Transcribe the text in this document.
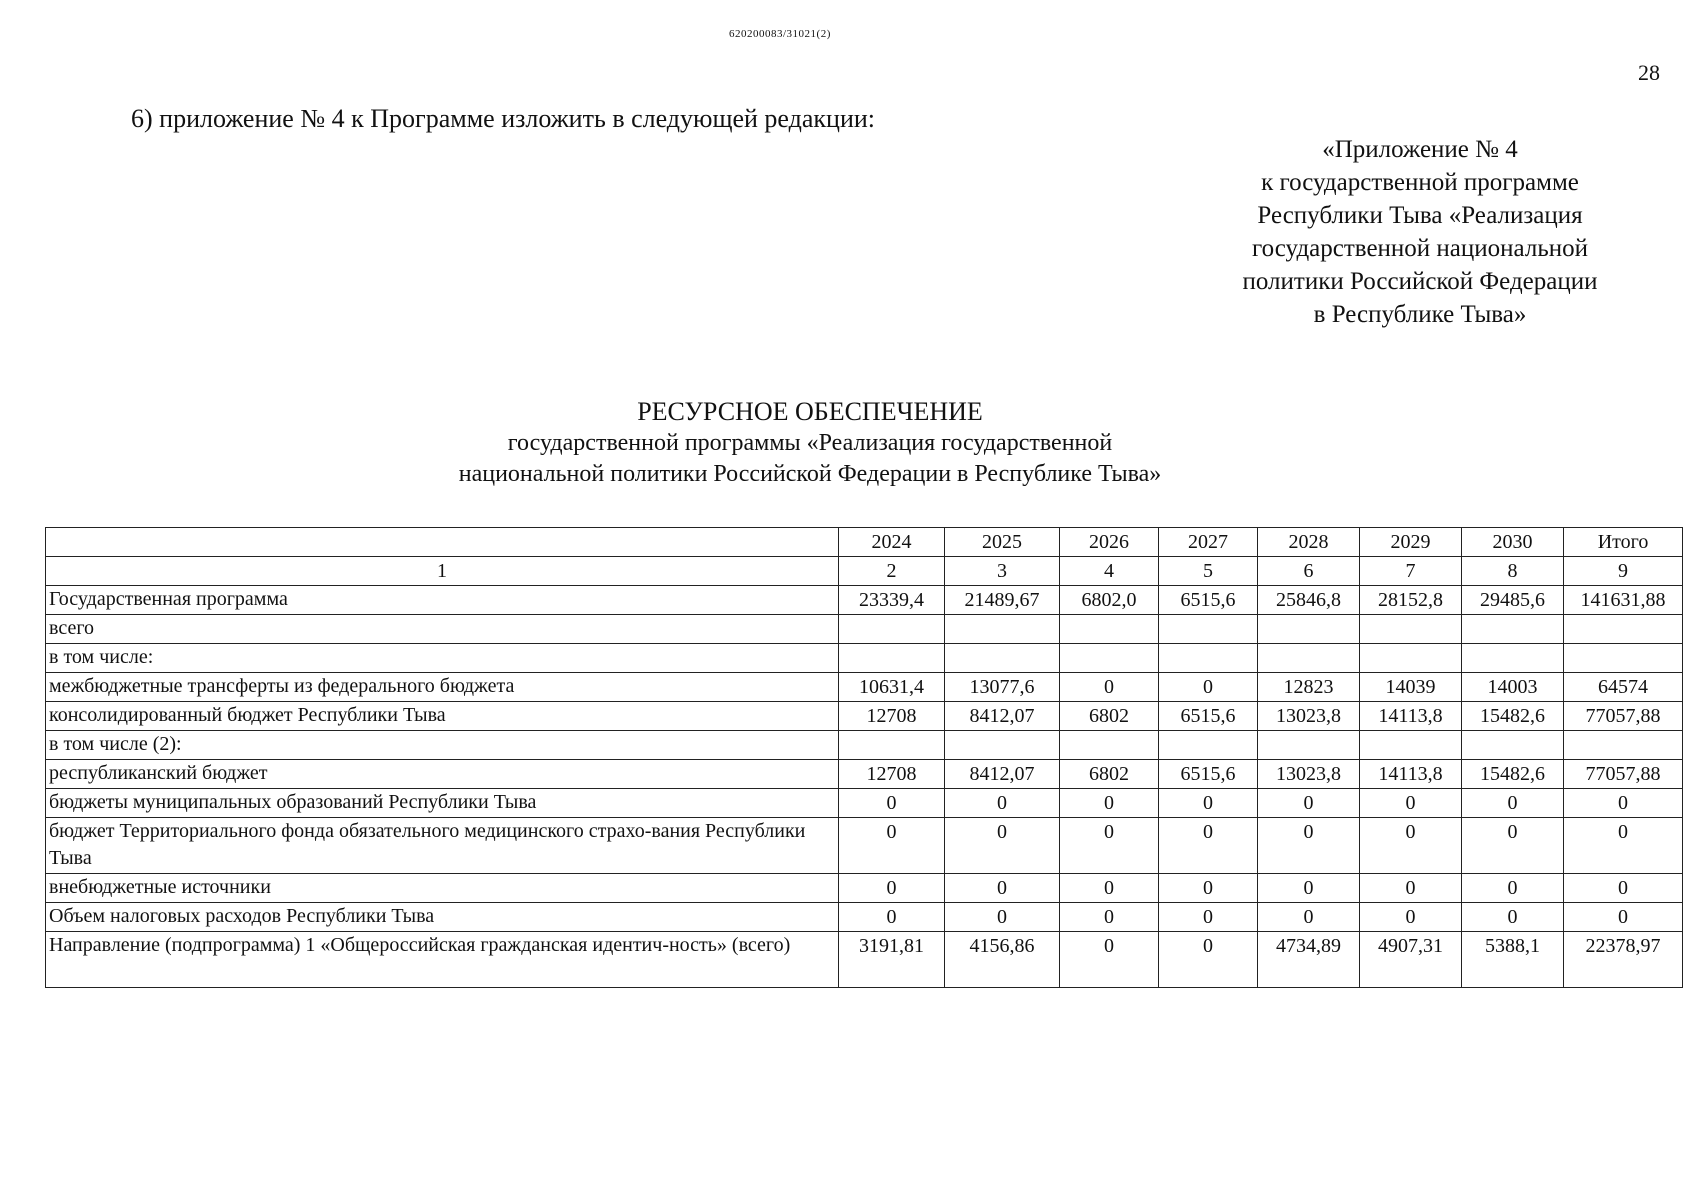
620200083/31021(2)
28
6) приложение № 4 к Программе изложить в следующей редакции:
«Приложение № 4
к государственной программе
Республики Тыва «Реализация
государственной национальной
политики Российской Федерации
в Республике Тыва»
РЕСУРСНОЕ ОБЕСПЕЧЕНИЕ
государственной программы «Реализация государственной
национальной политики Российской Федерации в Республике Тыва»
	2024	2025	2026	2027	2028	2029	2030	Итого
1	2	3	4	5	6	7	8	9
Государственная программа	23339,4	21489,67	6802,0	6515,6	25846,8	28152,8	29485,6	141631,88
всего								
в том числе:								
межбюджетные трансферты из федерального бюджета	10631,4	13077,6	0	0	12823	14039	14003	64574
консолидированный бюджет Республики Тыва	12708	8412,07	6802	6515,6	13023,8	14113,8	15482,6	77057,88
в том числе (2):								
республиканский бюджет	12708	8412,07	6802	6515,6	13023,8	14113,8	15482,6	77057,88
бюджеты муниципальных образований Республики Тыва	0	0	0	0	0	0	0	0
бюджет Территориального фонда обязательного медицинского страхо-вания Республики Тыва	0	0	0	0	0	0	0	0
внебюджетные источники	0	0	0	0	0	0	0	0
Объем налоговых расходов Республики Тыва	0	0	0	0	0	0	0	0
Направление (подпрограмма) 1 «Общероссийская гражданская идентич-ность» (всего)	3191,81	4156,86	0	0	4734,89	4907,31	5388,1	22378,97
